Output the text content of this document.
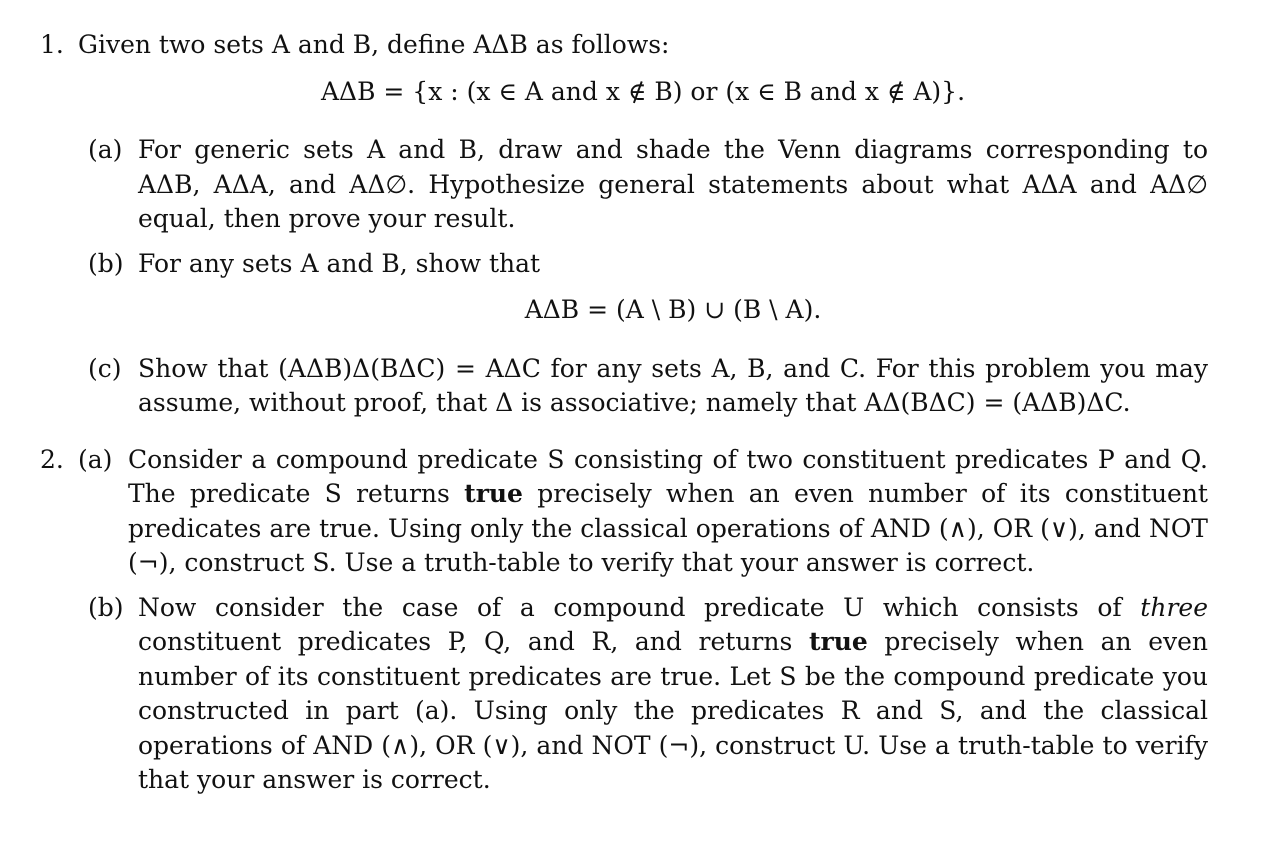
1. Given two sets A and B, define AΔB as follows:

AΔB = {x : (x ∈ A and x ∉ B) or (x ∈ B and x ∉ A)}.
(a) For generic sets A and B, draw and shade the Venn diagrams corresponding to AΔB, AΔA, and AΔ∅. Hypothesize general statements about what AΔA and AΔ∅ equal, then prove your result.
(b) For any sets A and B, show that
AΔB = (A \ B) ∪ (B \ A).
(c) Show that (AΔB)Δ(BΔC) = AΔC for any sets A, B, and C. For this problem you may assume, without proof, that Δ is associative; namely that AΔ(BΔC) = (AΔB)ΔC.
2. (a) Consider a compound predicate S consisting of two constituent predicates P and Q. The predicate S returns true precisely when an even number of its constituent predicates are true. Using only the classical operations of AND (∧), OR (∨), and NOT (¬), construct S. Use a truth-table to verify that your answer is correct.
(b) Now consider the case of a compound predicate U which consists of three constituent predicates P, Q, and R, and returns true precisely when an even number of its constituent predicates are true. Let S be the compound predicate you constructed in part (a). Using only the predicates R and S, and the classical operations of AND (∧), OR (∨), and NOT (¬), construct U. Use a truth-table to verify that your answer is correct.
